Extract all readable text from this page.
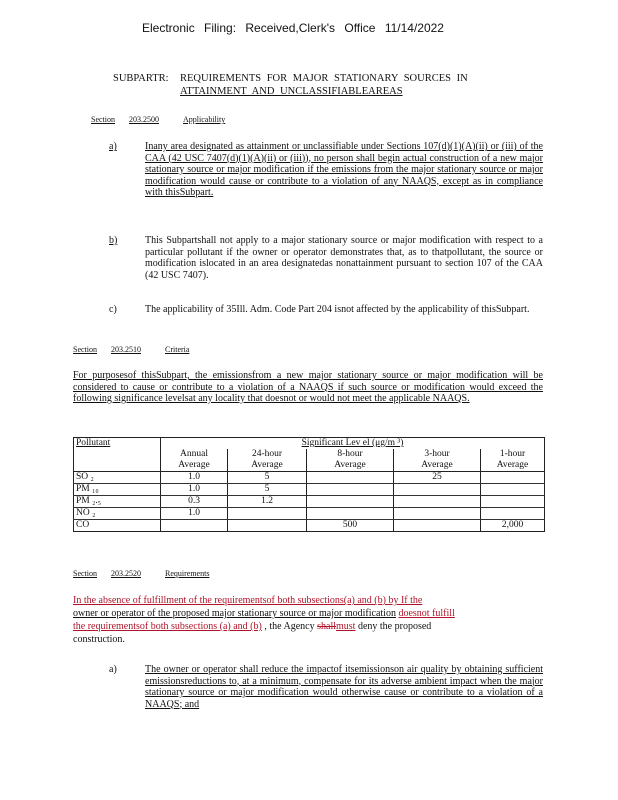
Electronic Filing: Received,Clerk's Office 11/14/2022
SUBPARTR: REQUIREMENTS FOR MAJOR STATIONARY SOURCES IN
ATTAINMENT AND UNCLASSIFIABLEAREAS
Section 203.2500	Applicability
a)	Inany area designated as attainment or unclassifiable under Sections 107(d)(1)(A)(ii) or (iii) of the CAA (42 USC 7407(d)(1)(A)(ii) or (iii)), no person shall begin actual construction of a new major stationary source or major modification if the emissions from the major stationary source or major modification would cause or contribute to a violation of any NAAQS, except as in compliance with thisSubpart.
b)	This Subpartshall not apply to a major stationary source or major modification with respect to a particular pollutant if the owner or operator demonstrates that, as to thatpollutant, the source or modification islocated in an area designatedas nonattainment pursuant to section 107 of the CAA (42 USC 7407).
c)	The applicability of 35Ill. Adm. Code Part 204 isnot affected by the applicability of thisSubpart.
Section 203.2510	Criteria
For purposesof thisSubpart, the emissionsfrom a new major stationary source or major modification will be considered to cause or contribute to a violation of a NAAQS if such source or modification would exceed the following significance levelsat any locality that doesnot or would not meet the applicable NAAQS.
Pollutant	Significant Lev el (μg/m ³)				
	Annual	24-hour	8-hour	3-hour	1-hour
	Average	Average	Average	Average	Average
SO ₂	1.0	5		25	
PM ₁₀	1.0	5			
PM ₂.₅	0.3	1.2			
NO ₂	1.0				
CO			500		2,000
Section 203.2520	Requirements
In the absence of fulfillment of the requirementsof both subsections(a) and (b) by If the
owner or operator of the proposed major stationary source or major modification doesnot fulfill
the requirementsof both subsections (a) and (b) , the Agency shallmust deny the proposed
construction.
a)	The owner or operator shall reduce the impactof itsemissionson air quality by obtaining sufficient emissionsreductions to, at a minimum, compensate for its adverse ambient impact when the major stationary source or major modification would otherwise cause or contribute to a violation of a NAAQS; and
